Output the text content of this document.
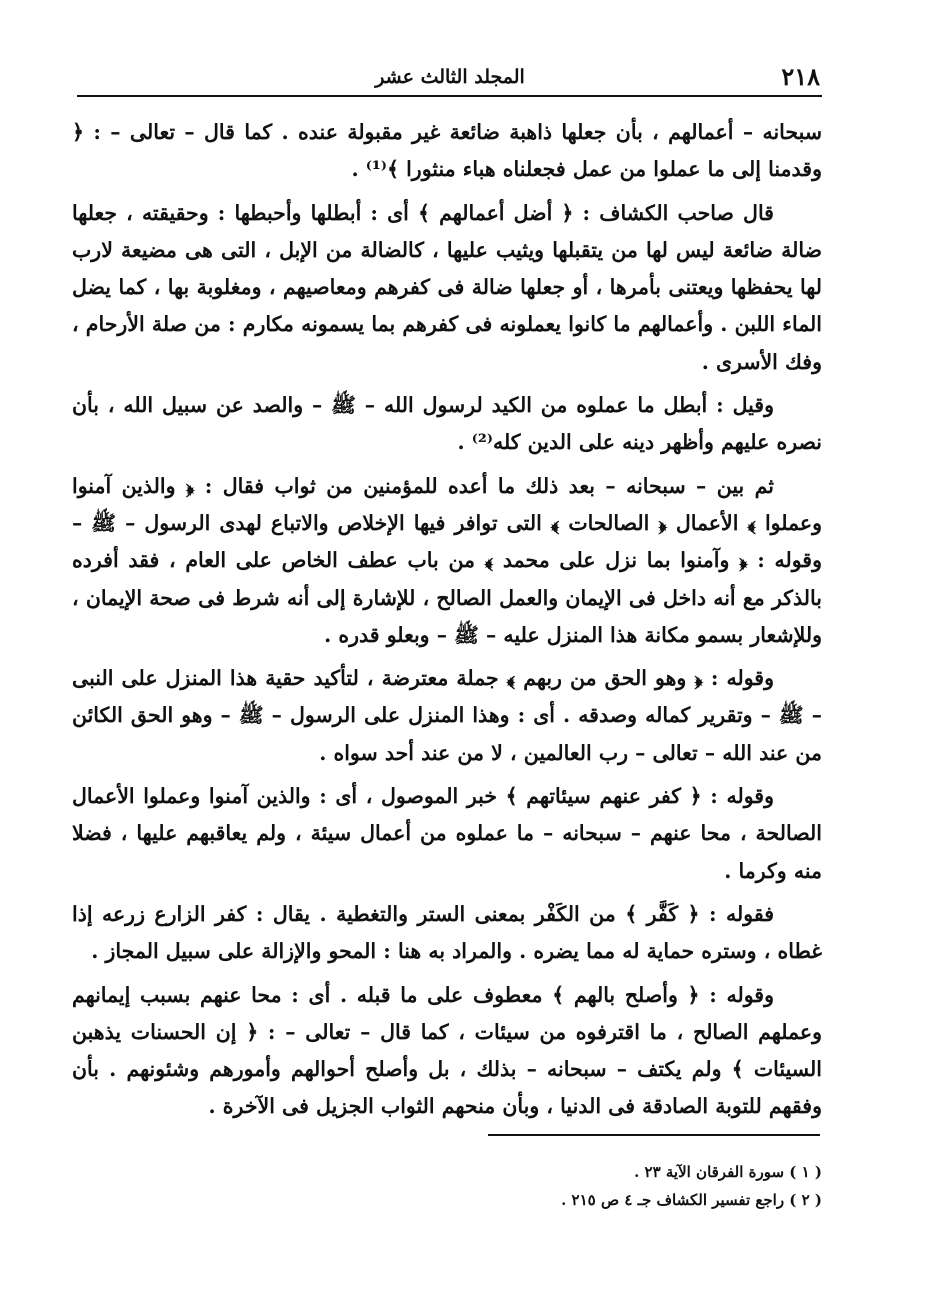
٢١٨
المجلد الثالث عشر

سبحانه – أعمالهم ، بأن جعلها ذاهبة ضائعة غير مقبولة عنده . كما قال – تعالى – : ﴿ وقدمنا إلى ما عملوا من عمل فجعلناه هباء منثورا ﴾⁽¹⁾ .

قال صاحب الكشاف : ﴿ أضل أعمالهم ﴾ أى : أبطلها وأحبطها : وحقيقته ، جعلها ضالة ضائعة ليس لها من يتقبلها ويثيب عليها ، كالضالة من الإبل ، التى هى مضيعة لارب لها يحفظها ويعتنى بأمرها ، أو جعلها ضالة فى كفرهم ومعاصيهم ، ومغلوبة بها ، كما يضل الماء اللبن . وأعمالهم ما كانوا يعملونه فى كفرهم بما يسمونه مكارم : من صلة الأرحام ، وفك الأسرى .

وقيل : أبطل ما عملوه من الكيد لرسول الله – ﷺ – والصد عن سبيل الله ، بأن نصره عليهم وأظهر دينه على الدين كله⁽²⁾ .

ثم بين – سبحانه – بعد ذلك ما أعده للمؤمنين من ثواب فقال : ﴿ والذين آمنوا وعملوا ﴾ الأعمال ﴿ الصالحات ﴾ التى توافر فيها الإخلاص والاتباع لهدى الرسول – ﷺ – وقوله : ﴿ وآمنوا بما نزل على محمد ﴾ من باب عطف الخاص على العام ، فقد أفرده بالذكر مع أنه داخل فى الإيمان والعمل الصالح ، للإشارة إلى أنه شرط فى صحة الإيمان ، وللإشعار بسمو مكانة هذا المنزل عليه – ﷺ – وبعلو قدره .

وقوله : ﴿ وهو الحق من ربهم ﴾ جملة معترضة ، لتأكيد حقية هذا المنزل على النبى – ﷺ – وتقرير كماله وصدقه . أى : وهذا المنزل على الرسول – ﷺ – وهو الحق الكائن من عند الله – تعالى – رب العالمين ، لا من عند أحد سواه .

وقوله : ﴿ كفر عنهم سيئاتهم ﴾ خبر الموصول ، أى : والذين آمنوا وعملوا الأعمال الصالحة ، محا عنهم – سبحانه – ما عملوه من أعمال سيئة ، ولم يعاقبهم عليها ، فضلا منه وكرما .

فقوله : ﴿ كَفَّر ﴾ من الكَفْر بمعنى الستر والتغطية . يقال : كفر الزارع زرعه إذا غطاه ، وستره حماية له مما يضره . والمراد به هنا : المحو والإزالة على سبيل المجاز .

وقوله : ﴿ وأصلح بالهم ﴾ معطوف على ما قبله . أى : محا عنهم بسبب إيمانهم وعملهم الصالح ، ما اقترفوه من سيئات ، كما قال – تعالى – : ﴿ إن الحسنات يذهبن السيئات ﴾ ولم يكتف – سبحانه – بذلك ، بل وأصلح أحوالهم وأمورهم وشئونهم . بأن وفقهم للتوبة الصادقة فى الدنيا ، وبأن منحهم الثواب الجزيل فى الآخرة .

( ١ ) سورة الفرقان الآية ٢٣ .

( ٢ ) راجع تفسير الكشاف جـ ٤ ص ٢١٥ .
